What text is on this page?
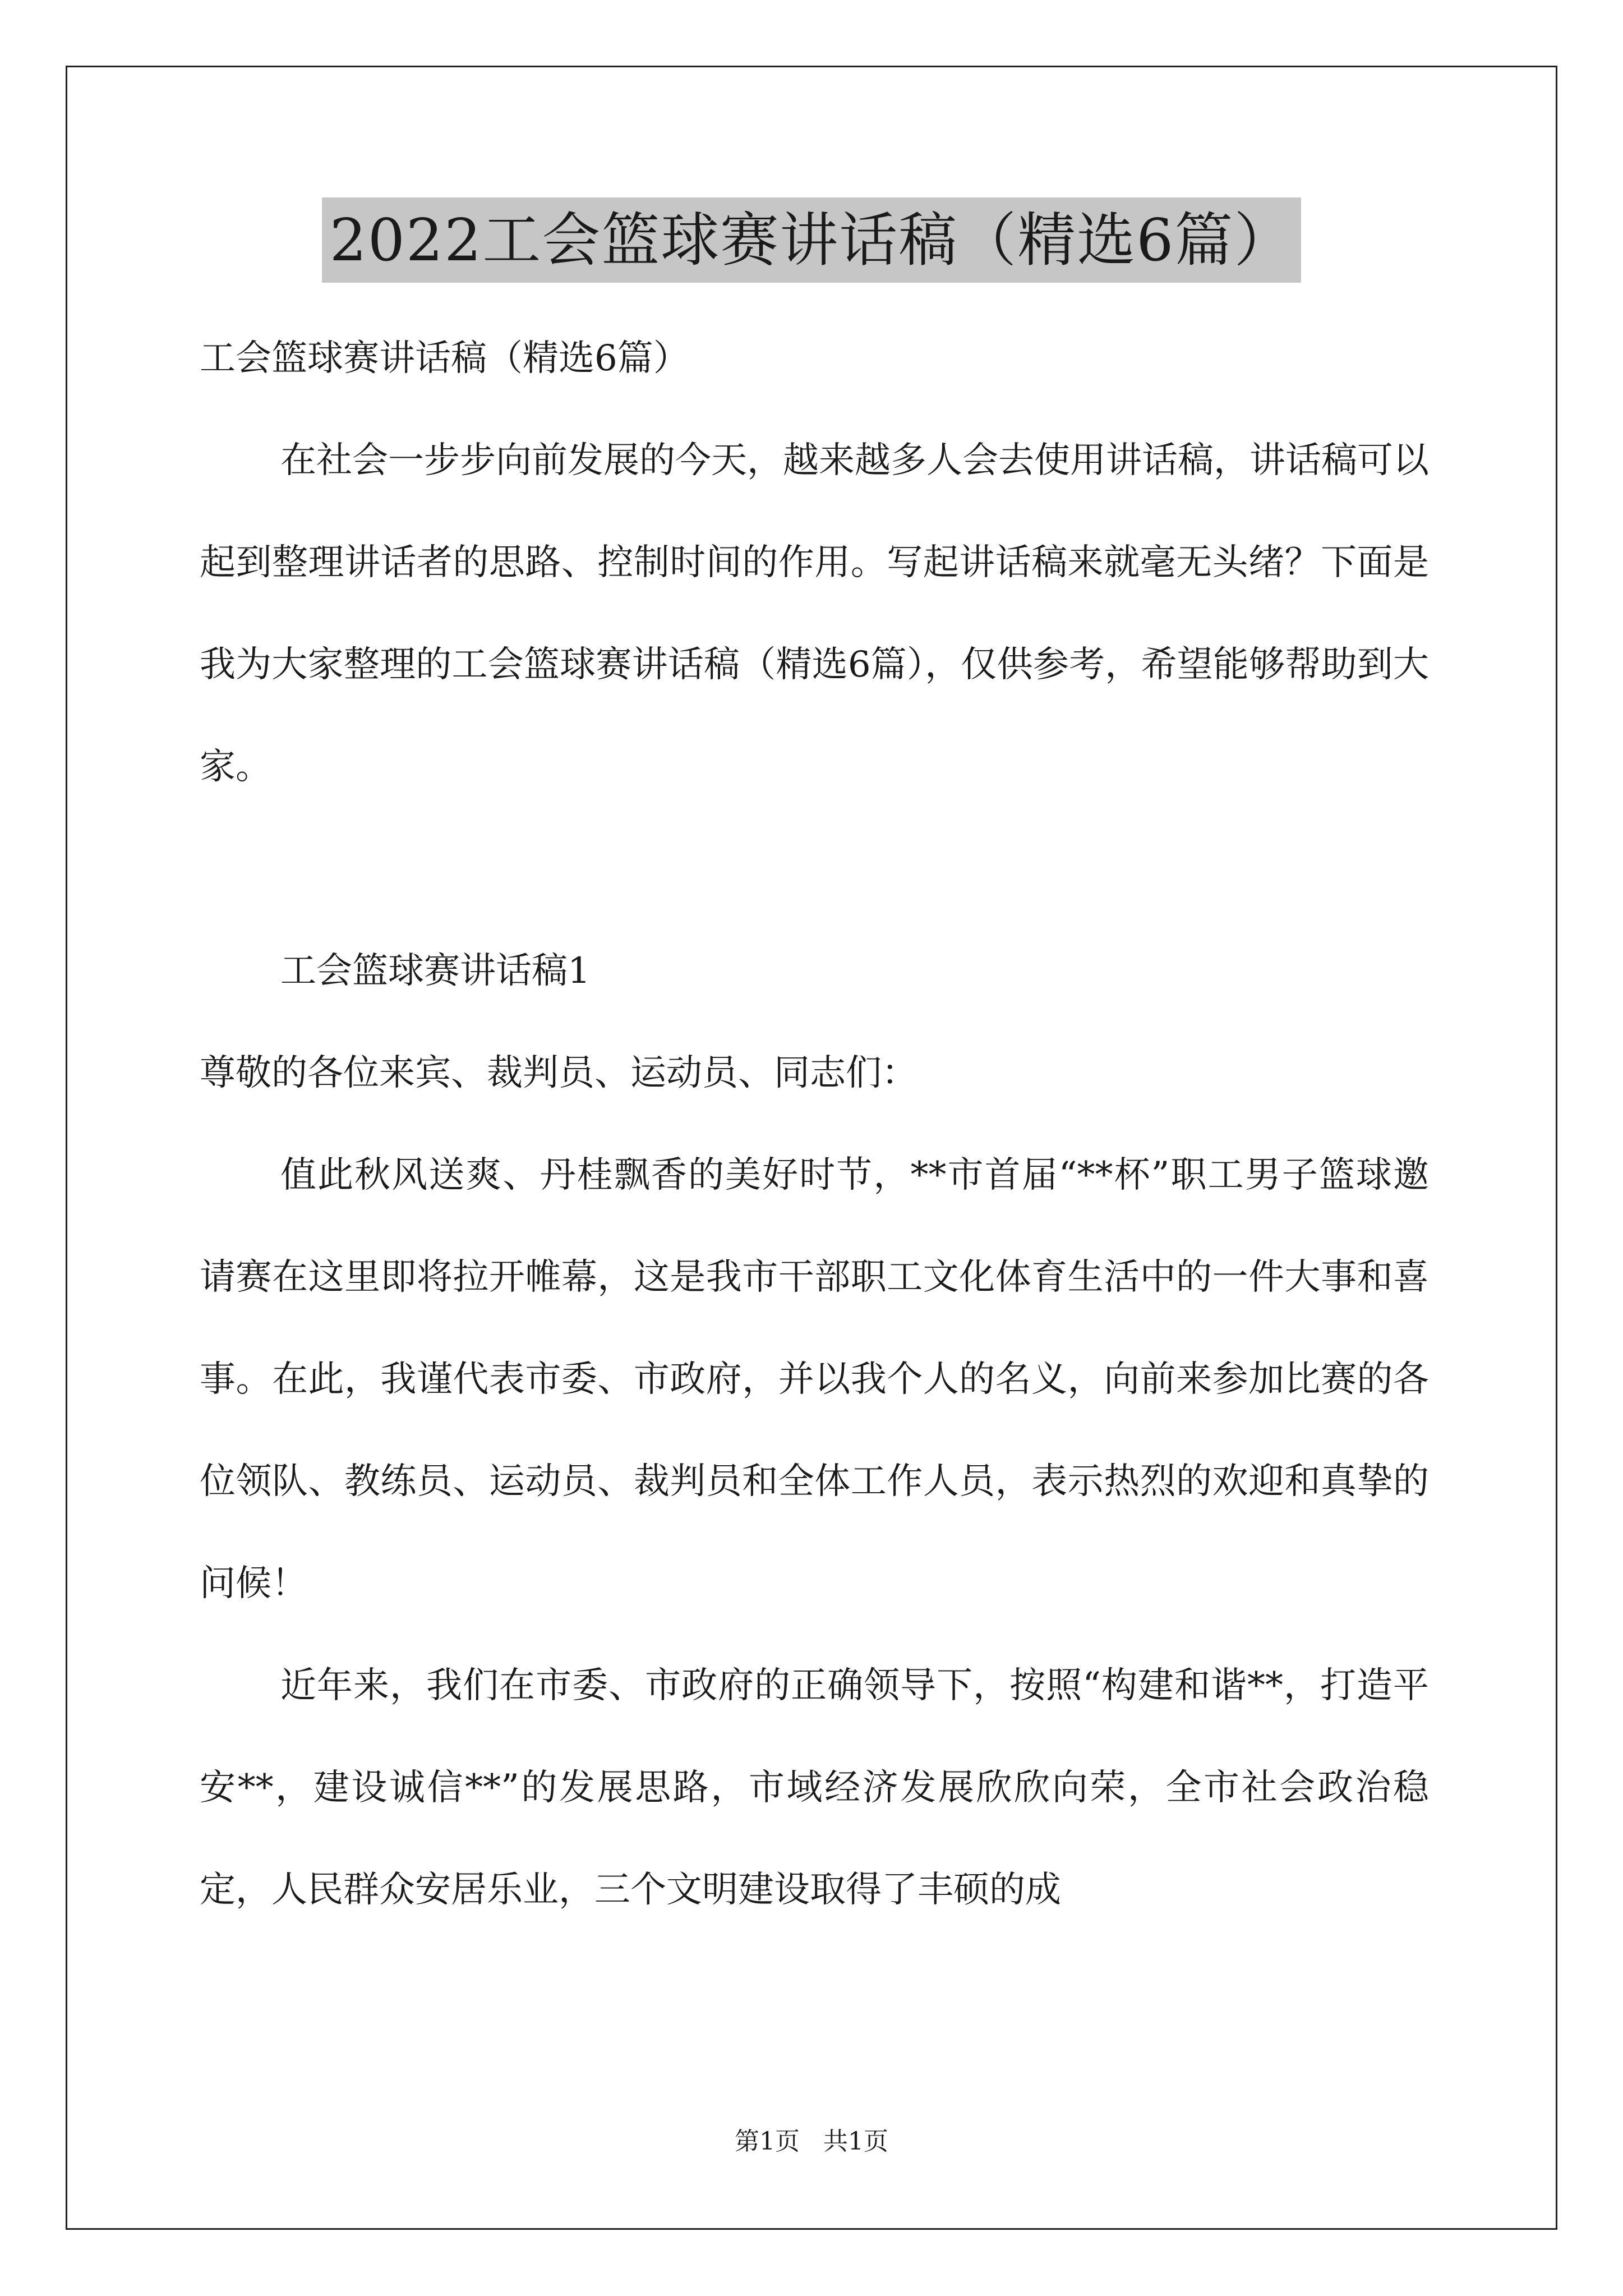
2022工会篮球赛讲话稿（精选6篇）

工会篮球赛讲话稿（精选6篇）

在社会一步步向前发展的今天，越来越多人会去使用讲话稿，讲话稿可以起到整理讲话者的思路、控制时间的作用。写起讲话稿来就毫无头绪？下面是我为大家整理的工会篮球赛讲话稿（精选6篇），仅供参考，希望能够帮助到大家。

工会篮球赛讲话稿1

尊敬的各位来宾、裁判员、运动员、同志们：

值此秋风送爽、丹桂飘香的美好时节，**市首届“**杯”职工男子篮球邀请赛在这里即将拉开帷幕，这是我市干部职工文化体育生活中的一件大事和喜事。在此，我谨代表市委、市政府，并以我个人的名义，向前来参加比赛的各位领队、教练员、运动员、裁判员和全体工作人员，表示热烈的欢迎和真挚的问候！

近年来，我们在市委、市政府的正确领导下，按照“构建和谐**，打造平安**，建设诚信**”的发展思路，市域经济发展欣欣向荣，全市社会政治稳定，人民群众安居乐业，三个文明建设取得了丰硕的成

第1页   共1页
